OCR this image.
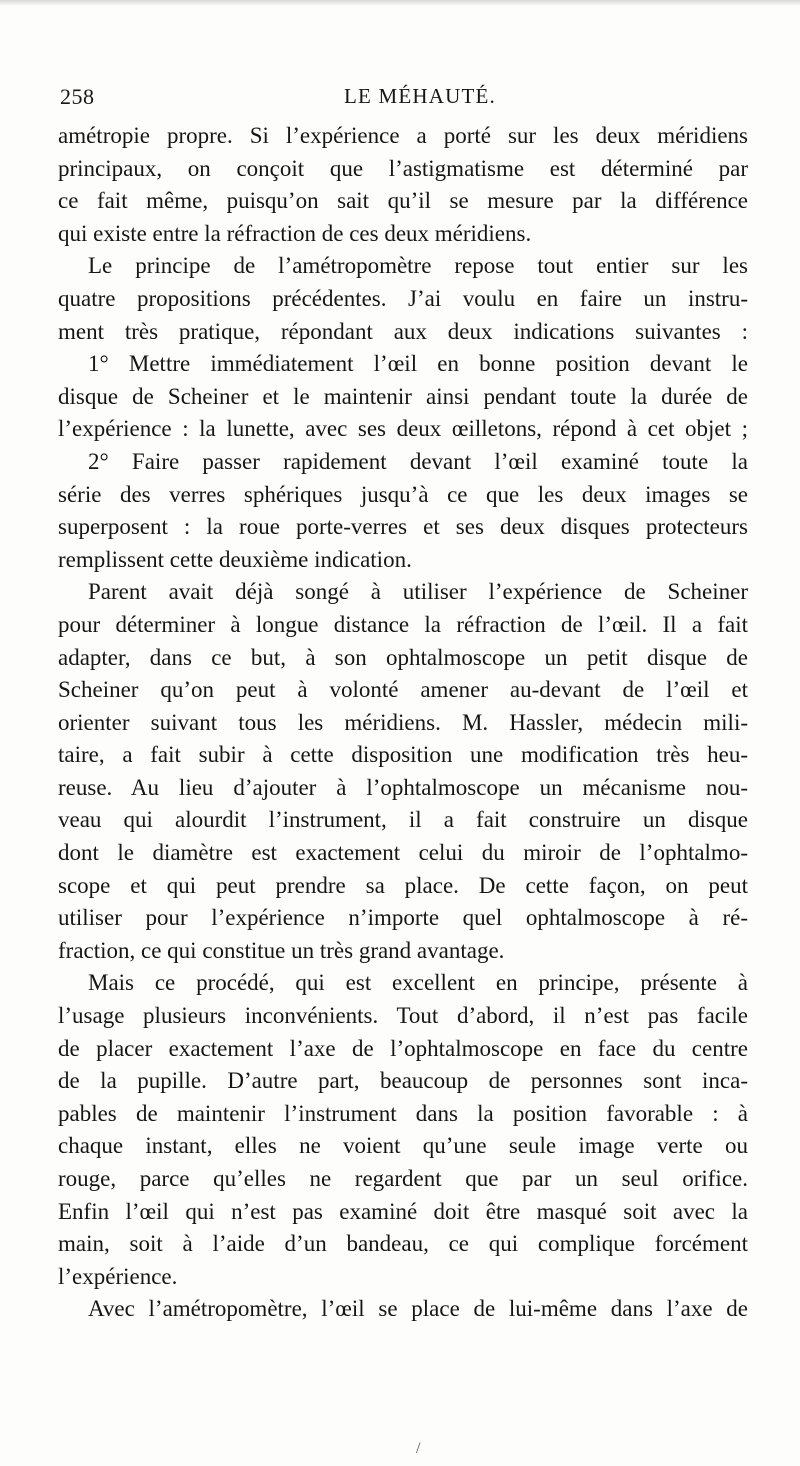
258	LE MÉHAUTÉ.
amétropie propre. Si l’expérience a porté sur les deux méridiens
principaux, on conçoit que l’astigmatisme est déterminé par
ce fait même, puisqu’on sait qu’il se mesure par la différence
qui existe entre la réfraction de ces deux méridiens.
Le principe de l’amétropomètre repose tout entier sur les
quatre propositions précédentes. J’ai voulu en faire un instru-
ment très pratique, répondant aux deux indications suivantes :
1° Mettre immédiatement l’œil en bonne position devant le
disque de Scheiner et le maintenir ainsi pendant toute la durée de
l’expérience : la lunette, avec ses deux œilletons, répond à cet objet ;
2° Faire passer rapidement devant l’œil examiné toute la
série des verres sphériques jusqu’à ce que les deux images se
superposent : la roue porte-verres et ses deux disques protecteurs
remplissent cette deuxième indication.
Parent avait déjà songé à utiliser l’expérience de Scheiner
pour déterminer à longue distance la réfraction de l’œil. Il a fait
adapter, dans ce but, à son ophtalmoscope un petit disque de
Scheiner qu’on peut à volonté amener au-devant de l’œil et
orienter suivant tous les méridiens. M. Hassler, médecin mili-
taire, a fait subir à cette disposition une modification très heu-
reuse. Au lieu d’ajouter à l’ophtalmoscope un mécanisme nou-
veau qui alourdit l’instrument, il a fait construire un disque
dont le diamètre est exactement celui du miroir de l’ophtalmo-
scope et qui peut prendre sa place. De cette façon, on peut
utiliser pour l’expérience n’importe quel ophtalmoscope à ré-
fraction, ce qui constitue un très grand avantage.
Mais ce procédé, qui est excellent en principe, présente à
l’usage plusieurs inconvénients. Tout d’abord, il n’est pas facile
de placer exactement l’axe de l’ophtalmoscope en face du centre
de la pupille. D’autre part, beaucoup de personnes sont inca-
pables de maintenir l’instrument dans la position favorable : à
chaque instant, elles ne voient qu’une seule image verte ou
rouge, parce qu’elles ne regardent que par un seul orifice.
Enfin l’œil qui n’est pas examiné doit être masqué soit avec la
main, soit à l’aide d’un bandeau, ce qui complique forcément
l’expérience.
Avec l’amétropomètre, l’œil se place de lui-même dans l’axe de
/
